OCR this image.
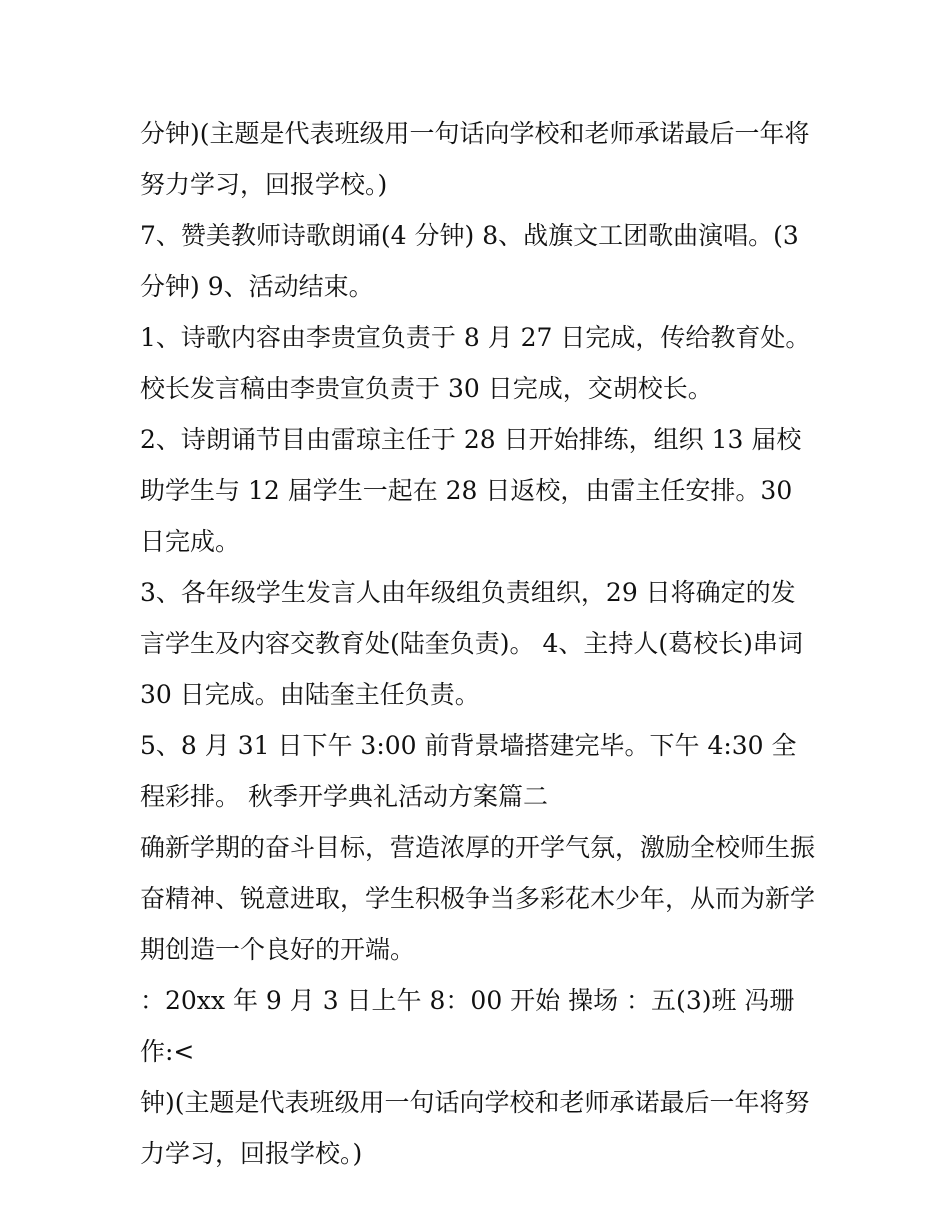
分钟)(主题是代表班级用一句话向学校和老师承诺最后一年将努力学习，回报学校。)

7、赞美教师诗歌朗诵(4 分钟) 8、战旗文工团歌曲演唱。(3 分钟) 9、活动结束。

1、诗歌内容由李贵宣负责于 8 月 27 日完成，传给教育处。校长发言稿由李贵宣负责于 30 日完成，交胡校长。

2、诗朗诵节目由雷琼主任于 28 日开始排练，组织 13 届校助学生与 12 届学生一起在 28 日返校，由雷主任安排。30 日完成。

3、各年级学生发言人由年级组负责组织，29 日将确定的发言学生及内容交教育处(陆奎负责)。 4、主持人(葛校长)串词 30 日完成。由陆奎主任负责。

5、8 月 31 日下午 3:00 前背景墙搭建完毕。下午 4:30 全程彩排。 秋季开学典礼活动方案篇二

确新学期的奋斗目标，营造浓厚的开学气氛，激励全校师生振奋精神、锐意进取，学生积极争当多彩花木少年，从而为新学期创造一个良好的开端。

：20xx 年 9 月 3 日上午 8：00 开始 操场 ：五(3)班 冯珊 作:<

钟)(主题是代表班级用一句话向学校和老师承诺最后一年将努力学习，回报学校。)
